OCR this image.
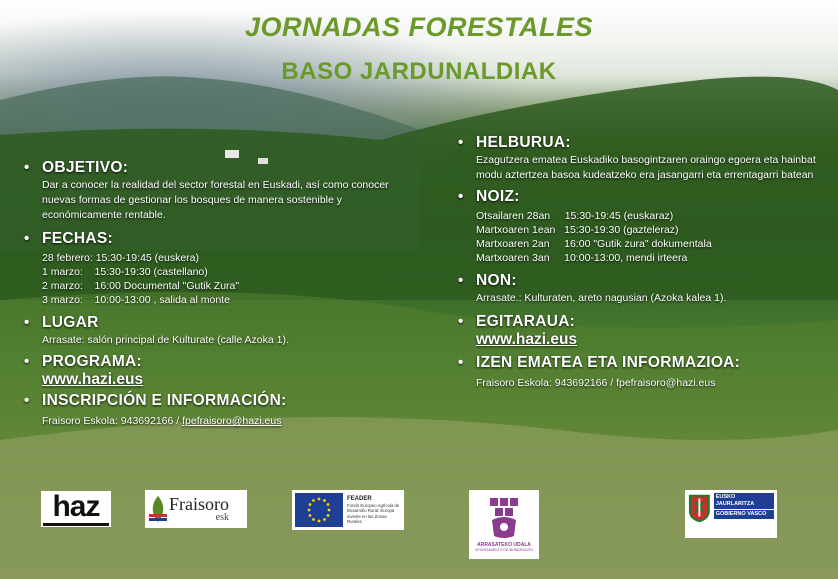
JORNADAS FORESTALES
BASO JARDUNALDIAK
• OBJETIVO:

Dar a conocer la realidad del sector forestal en Euskadi, así como conocer nuevas formas de gestionar los bosques de manera sostenible y económicamente rentable.

• FECHAS:
28 febrero: 15:30-19:45 (euskera)
1 marzo:    15:30-19:30 (castellano)
2 marzo:    16:00 Documental "Gutik Zura"
3 marzo:    10:00-13:00 , salida al monte
• LUGAR

Arrasate: salón principal de Kulturate (calle Azoka 1).

• PROGRAMA:
www.hazi.eus
• INSCRIPCIÓN E INFORMACIÓN:

Fraisoro Eskola: 943692166 / fpefraisoro@hazi.eus

• HELBURUA:

Ezagutzera ematea Euskadiko basogintzaren oraingo egoera eta hainbat modu aztertzea basoa kudeatzeko era jasangarri eta errentagarri batean

• NOIZ:
Otsailaren 28an     15:30-19:45 (euskaraz)
Martxoaren 1ean   15:30-19:30 (gazteleraz)
Martxoaren 2an     16:00 "Gutik zura" dokumentala
Martxoaren 3an     10:00-13:00, mendi irteera
• NON:

Arrasate.: Kulturaten, areto nagusian (Azoka kalea 1).

• EGITARAUA:
www.hazi.eus
• IZEN EMATEA ETA INFORMAZIOA:

Fraisoro Eskola: 943692166 / fpefraisoro@hazi.eus

haz	Fraisoro
esk
FEADER
Fondo Europeo Agrícola de Desarrollo Rural: Europa invierte en las Zonas Rurales
ARRASATEKO UDALA
AYUNTAMIENTO DE MONDRAGÓN
EUSKO JAURLARITZA
GOBIERNO VASCO
